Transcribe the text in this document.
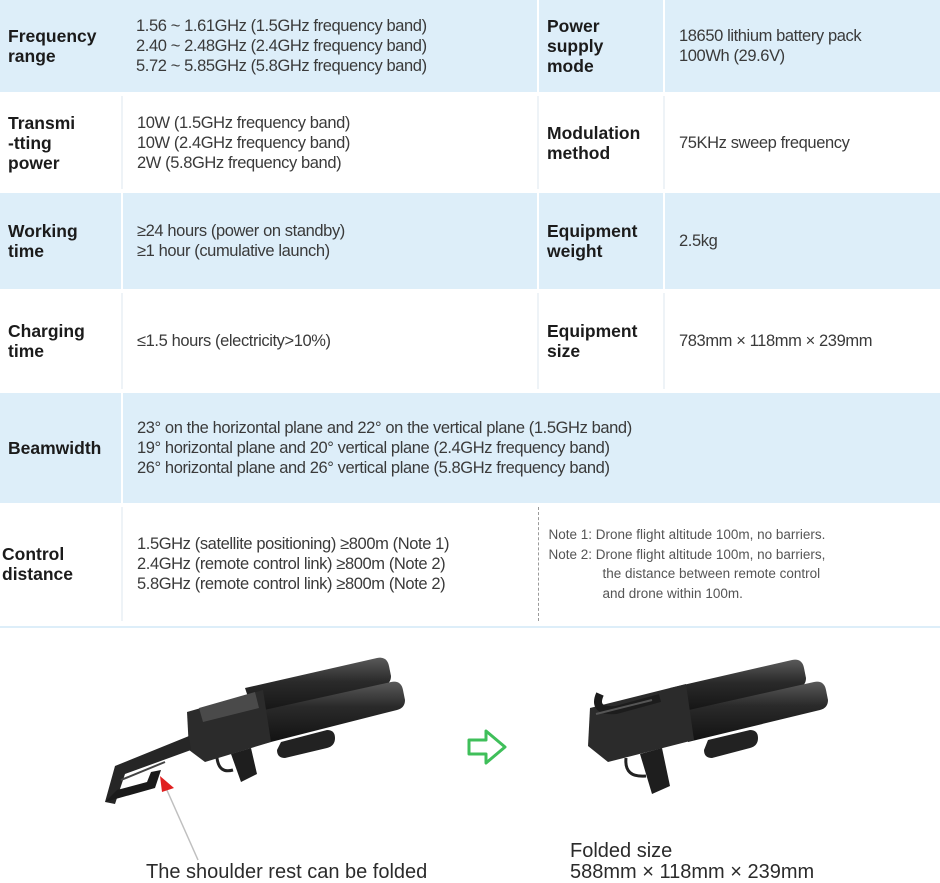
Frequency
range	1.56 ~ 1.61GHz (1.5GHz frequency band)
2.40 ~ 2.48GHz (2.4GHz frequency band)
5.72 ~ 5.85GHz (5.8GHz frequency band)	Power
supply
mode	18650 lithium battery pack
100Wh (29.6V)

Transmi
-tting
power	10W (1.5GHz frequency band)
10W (2.4GHz frequency band)
2W (5.8GHz frequency band)	Modulation
method	75KHz sweep frequency

Working
time	≥24 hours (power on standby)
≥1 hour (cumulative launch)	Equipment
weight	2.5kg

Charging
time	≤1.5 hours (electricity>10%)	Equipment
size	783mm × 118mm × 239mm

Beamwidth	23° on the horizontal plane and 22° on the vertical plane (1.5GHz band)
19° horizontal plane and 20° vertical plane (2.4GHz frequency band)
26° horizontal plane and 26° vertical plane (5.8GHz frequency band)		

Control
distance	1.5GHz (satellite positioning) ≥800m (Note 1)
2.4GHz (remote control link) ≥800m (Note 2)
5.8GHz (remote control link) ≥800m (Note 2)	Note 1: Drone flight altitude 100m, no barriers.
Note 2: Drone flight altitude 100m, no barriers,
the distance between remote control
and drone within 100m.	
The shoulder rest can be folded
Folded size
588mm × 118mm × 239mm
